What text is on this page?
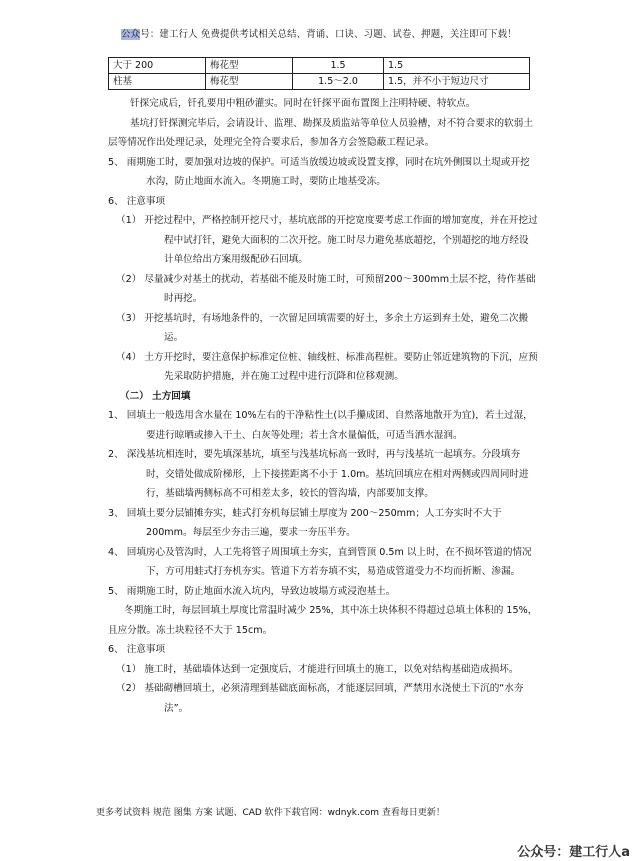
公众号：建工行人 免费提供考试相关总结、背诵、口诀、习题、试卷、押题，关注即可下载！
大于 200	梅花型	1.5	1.5
柱基	梅花型	1.5～2.0	1.5，并不小于短边尺寸

钎探完成后，钎孔要用中粗砂灌实。同时在钎探平面布置图上注明特硬、特软点。

基坑打钎探测完毕后，会请设计、监理、勘探及质监站等单位人员验槽，对不符合要求的软弱土层等情况作出处理记录，处理完全符合要求后，参加各方会签隐蔽工程记录。

5、 雨期施工时，要加强对边坡的保护。可适当放缓边坡或设置支撑，同时在坑外侧围以土堤或开挖水沟，防止地面水流入。冬期施工时，要防止地基受冻。

6、 注意事项

（1） 开挖过程中，严格控制开挖尺寸，基坑底部的开挖宽度要考虑工作面的增加宽度，并在开挖过程中试打钎，避免大面积的二次开挖。施工时尽力避免基底超挖，个别超挖的地方经设计单位给出方案用级配砂石回填。

（2） 尽量减少对基土的扰动，若基础不能及时施工时，可预留200～300mm土层不挖，待作基础时再挖。

（3） 开挖基坑时，有场地条件的，一次留足回填需要的好土，多余土方运到弃土处，避免二次搬运。

（4） 土方开挖时，要注意保护标准定位桩、轴线桩、标准高程桩。要防止邻近建筑物的下沉，应预先采取防护措施，并在施工过程中进行沉降和位移观测。

（二） 土方回填

1、 回填土一般选用含水量在 10%左右的干净粘性土(以手攥成团、自然落地散开为宜)，若土过湿，要进行晾晒或掺入干土、白灰等处理；若土含水量偏低，可适当洒水湿润。

2、 深浅基坑相连时，要先填深基坑，填至与浅基坑标高一致时，再与浅基坑一起填夯。分段填夯时，交错处做成阶梯形，上下接搓距离不小于 1.0m。基坑回填应在相对两侧或四周同时进行，基础墙两侧标高不可相差太多，较长的管沟墙，内部要加支撑。

3、 回填土要分层铺摊夯实，蛙式打夯机每层铺土厚度为 200～250mm；人工夯实时不大于 200mm。每层至少夯击三遍，要求一夯压半夯。

4、 回填房心及管沟时，人工先将管子周围填土夯实，直到管顶 0.5m 以上时，在不损坏管道的情况下，方可用蛙式打夯机夯实。管道下方若夯填不实，易造成管道受力不均而折断、渗漏。

5、 雨期施工时，防止地面水流入坑内，导致边坡塌方或浸泡基土。

冬期施工时，每层回填土厚度比常温时减少 25%，其中冻土块体积不得超过总填土体积的 15%，且应分散。冻土块粒径不大于 15cm。

6、 注意事项

（1） 施工时，基础墙体达到一定强度后，才能进行回填土的施工，以免对结构基础造成损坏。

（2） 基础砌槽回填土，必须清理到基础底面标高，才能逐层回填，严禁用水浇使土下沉的“水夯法”。

更多考试资料 规范 图集 方案 试题、CAD 软件下载官网：wdnyk.com 查看每日更新！
公众号：建工行人a
